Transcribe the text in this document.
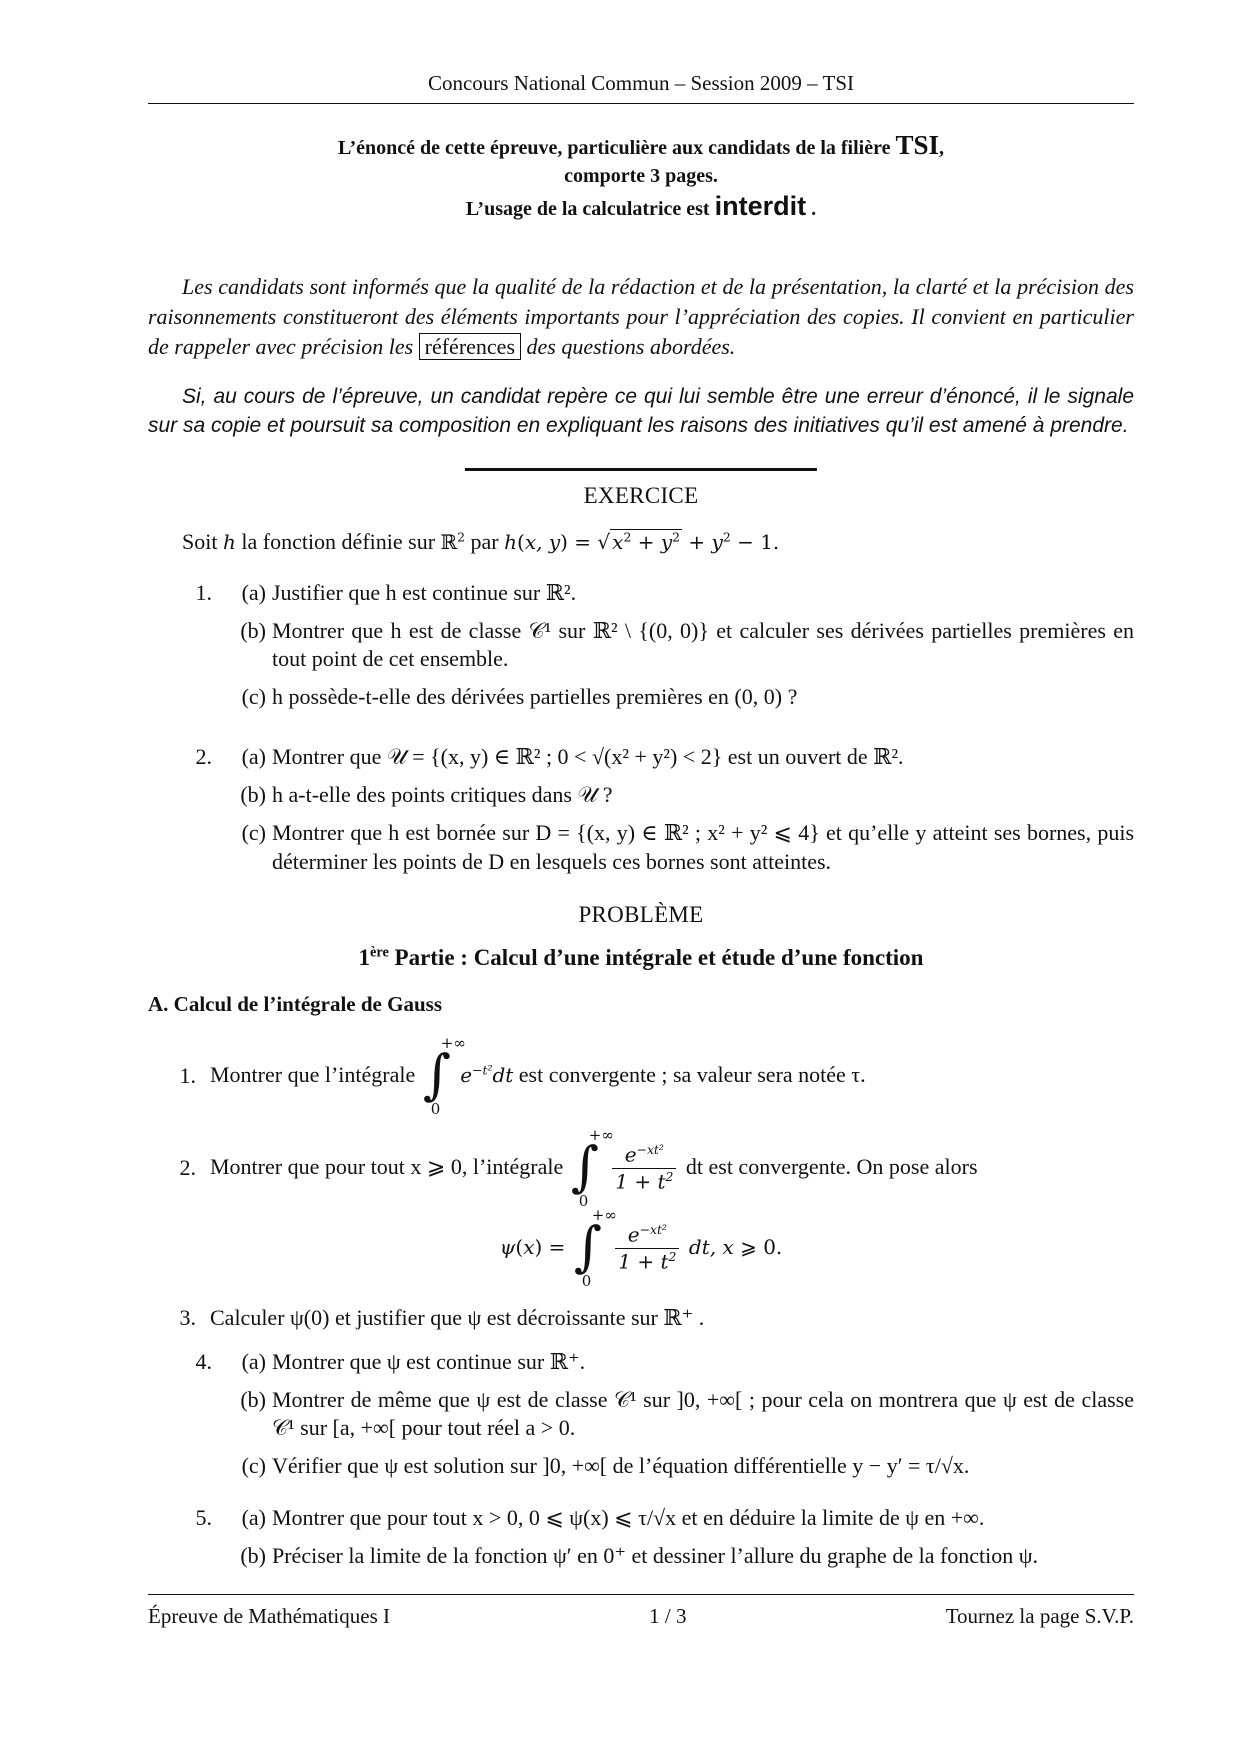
Concours National Commun – Session 2009 – TSI
L’énoncé de cette épreuve, particulière aux candidats de la filière TSI,
comporte 3 pages.
L’usage de la calculatrice est interdit .
Les candidats sont informés que la qualité de la rédaction et de la présentation, la clarté et la précision des raisonnements constitueront des éléments importants pour l’appréciation des copies. Il convient en particulier de rappeler avec précision les références des questions abordées.
Si, au cours de l’épreuve, un candidat repère ce qui lui semble être une erreur d’énoncé, il le signale sur sa copie et poursuit sa composition en expliquant les raisons des initiatives qu’il est amené à prendre.
EXERCICE
Soit h la fonction définie sur ℝ$^2$ par h(x, y) = √ $x^2 + y^2 + y^2 - 1$.
1.	(a) Justifier que h est continue sur ℝ².
(b) Montrer que h est de classe 𝒞¹ sur ℝ² \ {(0, 0)} et calculer ses dérivées partielles premières en tout point de cet ensemble.
(c) h possède-t-elle des dérivées partielles premières en (0, 0) ?
2.	(a) Montrer que 𝒰 = {(x, y) ∈ ℝ² ; 0 < √(x² + y²) < 2} est un ouvert de ℝ².
(b) h a-t-elle des points critiques dans 𝒰 ?
(c) Montrer que h est bornée sur D = {(x, y) ∈ ℝ² ; x² + y² ⩽ 4} et qu’elle y atteint ses bornes, puis déterminer les points de D en lesquels ces bornes sont atteintes.
PROBLÈME
1ère Partie : Calcul d’une intégrale et étude d’une fonction
A. Calcul de l’intégrale de Gauss
1. Montrer que l’intégrale ∫
+∞
0
$e^{-t^2}dt$ est convergente ; sa valeur sera notée τ.
2. Montrer que pour tout x ⩾ 0, l’intégrale ∫
+∞
0

$\frac{e^{-xt^2}}{1 + t^2}$ dt est convergente. On pose alors
ψ(x) = ∫
+∞
0

$\frac{e^{-xt^2}}{1 + t^2}$ dt, x ⩾ 0.
3. Calculer ψ(0) et justifier que ψ est décroissante sur ℝ⁺ .
4.	(a) Montrer que ψ est continue sur ℝ⁺.
(b) Montrer de même que ψ est de classe 𝒞¹ sur ]0, +∞[ ; pour cela on montrera que ψ est de classe 𝒞¹ sur [a, +∞[ pour tout réel a > 0.
(c) Vérifier que ψ est solution sur ]0, +∞[ de l’équation différentielle y − y′ = τ/√x.
5.	(a) Montrer que pour tout x > 0, 0 ⩽ ψ(x) ⩽ τ/√x et en déduire la limite de ψ en +∞.
(b) Préciser la limite de la fonction ψ′ en 0⁺ et dessiner l’allure du graphe de la fonction ψ.
Épreuve de Mathématiques I	1 / 3	Tournez la page S.V.P.
